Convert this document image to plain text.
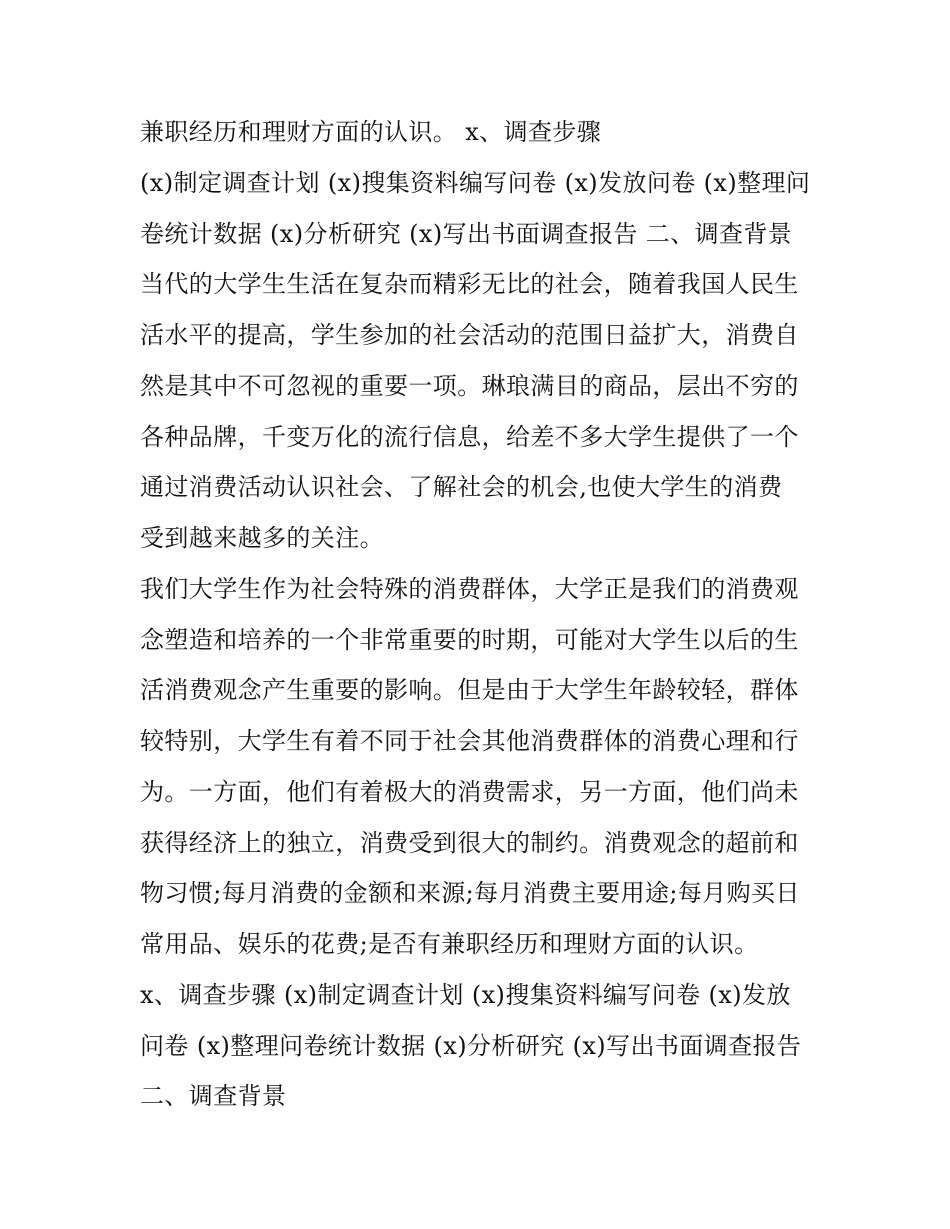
兼职经历和理财方面的认识。 x、调查步骤
(x)制定调查计划 (x)搜集资料编写问卷 (x)发放问卷 (x)整理问
卷统计数据 (x)分析研究 (x)写出书面调查报告 二、调查背景
当代的大学生生活在复杂而精彩无比的社会，随着我国人民生
活水平的提高，学生参加的社会活动的范围日益扩大，消费自
然是其中不可忽视的重要一项。琳琅满目的商品，层出不穷的
各种品牌，千变万化的流行信息，给差不多大学生提供了一个
通过消费活动认识社会、了解社会的机会,也使大学生的消费
受到越来越多的关注。
我们大学生作为社会特殊的消费群体，大学正是我们的消费观
念塑造和培养的一个非常重要的时期，可能对大学生以后的生
活消费观念产生重要的影响。但是由于大学生年龄较轻，群体
较特别，大学生有着不同于社会其他消费群体的消费心理和行
为。一方面，他们有着极大的消费需求，另一方面，他们尚未
获得经济上的独立，消费受到很大的制约。消费观念的超前和
物习惯;每月消费的金额和来源;每月消费主要用途;每月购买日
常用品、娱乐的花费;是否有兼职经历和理财方面的认识。
x、调查步骤 (x)制定调查计划 (x)搜集资料编写问卷 (x)发放
问卷 (x)整理问卷统计数据 (x)分析研究 (x)写出书面调查报告
二、调查背景
